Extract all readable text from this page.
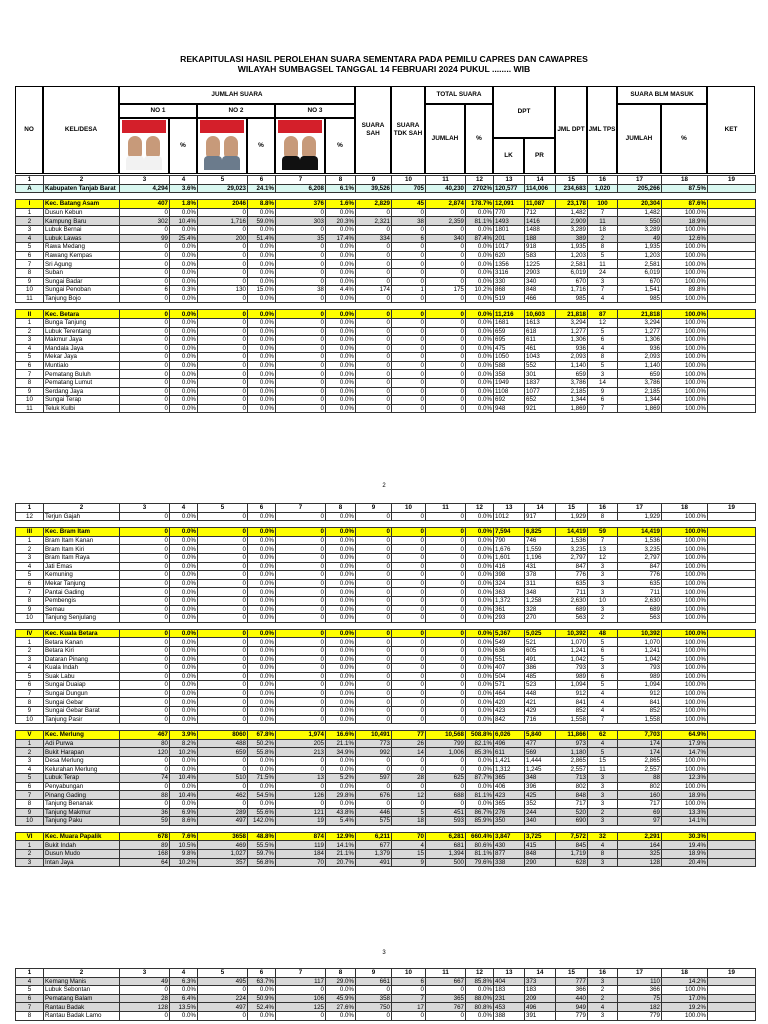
REKAPITULASI HASIL PEROLEHAN SUARA SEMENTARA PADA PEMILU CAPRES DAN CAWAPRES
WILAYAH SUMBAGSEL TANGGAL 14 FEBRUARI 2024 PUKUL ........ WIB
NO	KEL/DESA
JUMLAH SUARA
NO 1	NO 2	NO 3
%	%	%
SUARA SAH
SUARA TDK SAH
TOTAL SUARA
JUMLAH	%
DPT
LK	PR
JML DPT JML TPS
SUARA BLM MASUK
JUMLAH	%
KET
1	2	3	4	5	6	7	8	9	10	11	12	13	14	15	16	17	18	19
A	Kabupaten Tanjab Barat	4,294	3.6%	29,023	24.1%	6,208	6.1%	39,526	705	40,230	2702%	120,577	114,006	234,683	1,020	205,266	87.5%	

I	Kec. Batang Asam	407	1.8%	2046	8.8%	376	1.6%	2,829	45	2,874	178.7%	12,091	11,087	23,178	100	20,304	87.6%	
1	Dusun Kebun	0	0.0%	0	0.0%	0	0.0%	0	0	0	0.0%	770	712	1,482	7	1,482	100.0%	
2	Kampung Baru	302	10.4%	1,716	59.0%	303	20.3%	2,321	38	2,359	81.1%	1493	1416	2,909	11	550	18.9%	
3	Lubuk Bernai	0	0.0%	0	0.0%	0	0.0%	0	0	0	0.0%	1801	1488	3,289	18	3,289	100.0%	
4	Lubuk Lawas	99	25.4%	200	51.4%	35	17.4%	334	6	340	87.4%	201	188	389	2	49	12.6%	
5	Rawa Medang	0	0.0%	0	0.0%	0	0.0%	0	0	0	0.0%	1017	918	1,935	8	1,935	100.0%	
6	Rawang Kempas	0	0.0%	0	0.0%	0	0.0%	0	0	0	0.0%	620	583	1,203	5	1,203	100.0%	
7	Sri Agung	0	0.0%	0	0.0%	0	0.0%	0	0	0	0.0%	1356	1225	2,581	11	2,581	100.0%	
8	Suban	0	0.0%	0	0.0%	0	0.0%	0	0	0	0.0%	3116	2903	6,019	24	6,019	100.0%	
9	Sungai Badar	0	0.0%	0	0.0%	0	0.0%	0	0	0	0.0%	330	340	670	3	670	100.0%	
10	Sungai Penoban	6	0.3%	130	15.0%	38	4.4%	174	1	175	10.2%	868	848	1,716	7	1,541	89.8%	
11	Tanjung Bojo	0	0.0%	0	0.0%	0	0.0%	0	0	0	0.0%	519	466	985	4	985	100.0%	

II	Kec. Betara	0	0.0%	0	0.0%	0	0.0%	0	0	0	0.0%	11,216	10,603	21,818	87	21,818	100.0%	
1	Bunga Tanjung	0	0.0%	0	0.0%	0	0.0%	0	0	0	0.0%	1681	1613	3,294	12	3,294	100.0%	
2	Lubuk Terentang	0	0.0%	0	0.0%	0	0.0%	0	0	0	0.0%	659	618	1,277	5	1,277	100.0%	
3	Makmur Jaya	0	0.0%	0	0.0%	0	0.0%	0	0	0	0.0%	695	611	1,306	6	1,306	100.0%	
4	Mandala Jaya	0	0.0%	0	0.0%	0	0.0%	0	0	0	0.0%	475	461	936	4	936	100.0%	
5	Mekar Jaya	0	0.0%	0	0.0%	0	0.0%	0	0	0	0.0%	1050	1043	2,093	8	2,093	100.0%	
6	Muntialo	0	0.0%	0	0.0%	0	0.0%	0	0	0	0.0%	588	552	1,140	5	1,140	100.0%	
7	Pematang Buluh	0	0.0%	0	0.0%	0	0.0%	0	0	0	0.0%	358	301	659	3	659	100.0%	
8	Pematang Lumut	0	0.0%	0	0.0%	0	0.0%	0	0	0	0.0%	1949	1837	3,786	14	3,786	100.0%	
9	Serdang Jaya	0	0.0%	0	0.0%	0	0.0%	0	0	0	0.0%	1108	1077	2,185	9	2,185	100.0%	
10	Sungai Terap	0	0.0%	0	0.0%	0	0.0%	0	0	0	0.0%	692	652	1,344	6	1,344	100.0%	
11	Teluk Kulbi	0	0.0%	0	0.0%	0	0.0%	0	0	0	0.0%	948	921	1,869	7	1,869	100.0%	
2
1	2	3	4	5	6	7	8	9	10	11	12	13	14	15	16	17	18	19
12	Terjun Gajah	0	0.0%	0	0.0%	0	0.0%	0	0	0	0.0%	1012	917	1,929	8	1,929	100.0%	

III	Kec. Bram Itam	0	0.0%	0	0.0%	0	0.0%	0	0	0	0.0%	7,594	6,825	14,419	59	14,419	100.0%	
1	Bram Itam Kanan	0	0.0%	0	0.0%	0	0.0%	0	0	0	0.0%	790	746	1,536	7	1,536	100.0%	
2	Bram Itam Kiri	0	0.0%	0	0.0%	0	0.0%	0	0	0	0.0%	1,676	1,559	3,235	13	3,235	100.0%	
3	Bram Itam Raya	0	0.0%	0	0.0%	0	0.0%	0	0	0	0.0%	1,601	1,196	2,797	12	2,797	100.0%	
4	Jati Emas	0	0.0%	0	0.0%	0	0.0%	0	0	0	0.0%	416	431	847	3	847	100.0%	
5	Kemuning	0	0.0%	0	0.0%	0	0.0%	0	0	0	0.0%	398	378	776	3	776	100.0%	
6	Mekar Tanjung	0	0.0%	0	0.0%	0	0.0%	0	0	0	0.0%	324	311	635	3	635	100.0%	
7	Pantai Gading	0	0.0%	0	0.0%	0	0.0%	0	0	0	0.0%	363	348	711	3	711	100.0%	
8	Pembengis	0	0.0%	0	0.0%	0	0.0%	0	0	0	0.0%	1,372	1,258	2,630	10	2,630	100.0%	
9	Semau	0	0.0%	0	0.0%	0	0.0%	0	0	0	0.0%	361	328	689	3	689	100.0%	
10	Tanjung Senjulang	0	0.0%	0	0.0%	0	0.0%	0	0	0	0.0%	293	270	563	2	563	100.0%	

IV	Kec. Kuala Betara	0	0.0%	0	0.0%	0	0.0%	0	0	0	0.0%	5,367	5,025	10,392	48	10,392	100.0%	
1	Betara Kanan	0	0.0%	0	0.0%	0	0.0%	0	0	0	0.0%	549	521	1,070	5	1,070	100.0%	
2	Betara Kiri	0	0.0%	0	0.0%	0	0.0%	0	0	0	0.0%	636	605	1,241	6	1,241	100.0%	
3	Dataran Pinang	0	0.0%	0	0.0%	0	0.0%	0	0	0	0.0%	551	491	1,042	5	1,042	100.0%	
4	Kuala Indah	0	0.0%	0	0.0%	0	0.0%	0	0	0	0.0%	407	386	793	3	793	100.0%	
5	Suak Labu	0	0.0%	0	0.0%	0	0.0%	0	0	0	0.0%	504	485	989	6	989	100.0%	
6	Sungai Duaiap	0	0.0%	0	0.0%	0	0.0%	0	0	0	0.0%	571	523	1,094	5	1,094	100.0%	
7	Sungai Dungun	0	0.0%	0	0.0%	0	0.0%	0	0	0	0.0%	464	448	912	4	912	100.0%	
8	Sungai Gebar	0	0.0%	0	0.0%	0	0.0%	0	0	0	0.0%	420	421	841	4	841	100.0%	
9	Sungai Gebar Barat	0	0.0%	0	0.0%	0	0.0%	0	0	0	0.0%	423	429	852	4	852	100.0%	
10	Tanjung Pasir	0	0.0%	0	0.0%	0	0.0%	0	0	0	0.0%	842	716	1,558	7	1,558	100.0%	

V	Kec. Merlung	467	3.9%	8060	67.8%	1,974	16.6%	10,491	77	10,568	508.8%	6,026	5,840	11,866	62	7,703	64.9%	
1	Adi Purwa	80	8.2%	488	50.2%	205	21.1%	773	26	799	82.1%	496	477	973	4	174	17.9%	
2	Bukit Harapan	120	10.2%	659	55.8%	213	34.9%	992	14	1,006	85.3%	611	569	1,180	5	174	14.7%	
3	Desa Merlung	0	0.0%	0	0.0%	0	0.0%	0	0	0	0.0%	1,421	1,444	2,865	15	2,865	100.0%	
4	Kelurahan Merlung	0	0.0%	0	0.0%	0	0.0%	0	0	0	0.0%	1,312	1,245	2,557	11	2,557	100.0%	
5	Lubuk Terap	74	10.4%	510	71.5%	13	5.2%	597	28	625	87.7%	365	348	713	3	88	12.3%	
6	Penyabungan	0	0.0%	0	0.0%	0	0.0%	0	0	0	0.0%	406	396	802	3	802	100.0%	
7	Pinang Gading	88	10.4%	462	54.5%	126	29.8%	676	12	688	81.1%	423	425	848	3	160	18.9%	
8	Tanjung Benanak	0	0.0%	0	0.0%	0	0.0%	0	0	0	0.0%	365	352	717	3	717	100.0%	
9	Tanjung Makmur	36	6.9%	289	55.6%	121	43.8%	446	5	451	86.7%	276	244	520	2	69	13.3%	
10	Tanjung Paku	59	8.6%	497	142.0%	19	5.4%	575	18	593	85.9%	350	340	690	3	97	14.1%	

VI	Kec. Muara Papalik	678	7.6%	3658	48.8%	874	12.9%	6,211	70	6,281	660.4%	3,847	3,725	7,572	32	2,291	30.3%	
1	Bukit Indah	89	10.5%	469	55.5%	119	14.1%	677	4	681	80.6%	430	415	845	4	164	19.4%	
2	Dusun Mudo	168	9.8%	1,027	59.7%	184	21.1%	1,379	15	1,394	81.1%	877	848	1,719	8	325	18.9%	
3	Intan Jaya	64	10.2%	357	56.8%	70	20.7%	491	9	500	79.6%	338	290	628	3	128	20.4%	
3
1	2	3	4	5	6	7	8	9	10	11	12	13	14	15	16	17	18	19
4	Kemang Manis	49	6.3%	495	63.7%	117	29.0%	661	6	667	85.8%	404	373	777	3	110	14.2%	
5	Lubuk Sebontan	0	0.0%	0	0.0%	0	0.0%	0	0	0	0.0%	183	183	366	2	366	100.0%	
6	Pematang Balam	28	6.4%	224	50.9%	106	45.9%	358	7	365	88.0%	231	209	440	2	75	17.0%	
7	Rantau Badak	128	13.5%	497	52.4%	125	27.6%	750	17	767	80.8%	453	496	949	4	182	19.2%	
8	Rantau Badak Lamo	0	0.0%	0	0.0%	0	0.0%	0	0	0	0.0%	388	391	779	3	779	100.0%	
